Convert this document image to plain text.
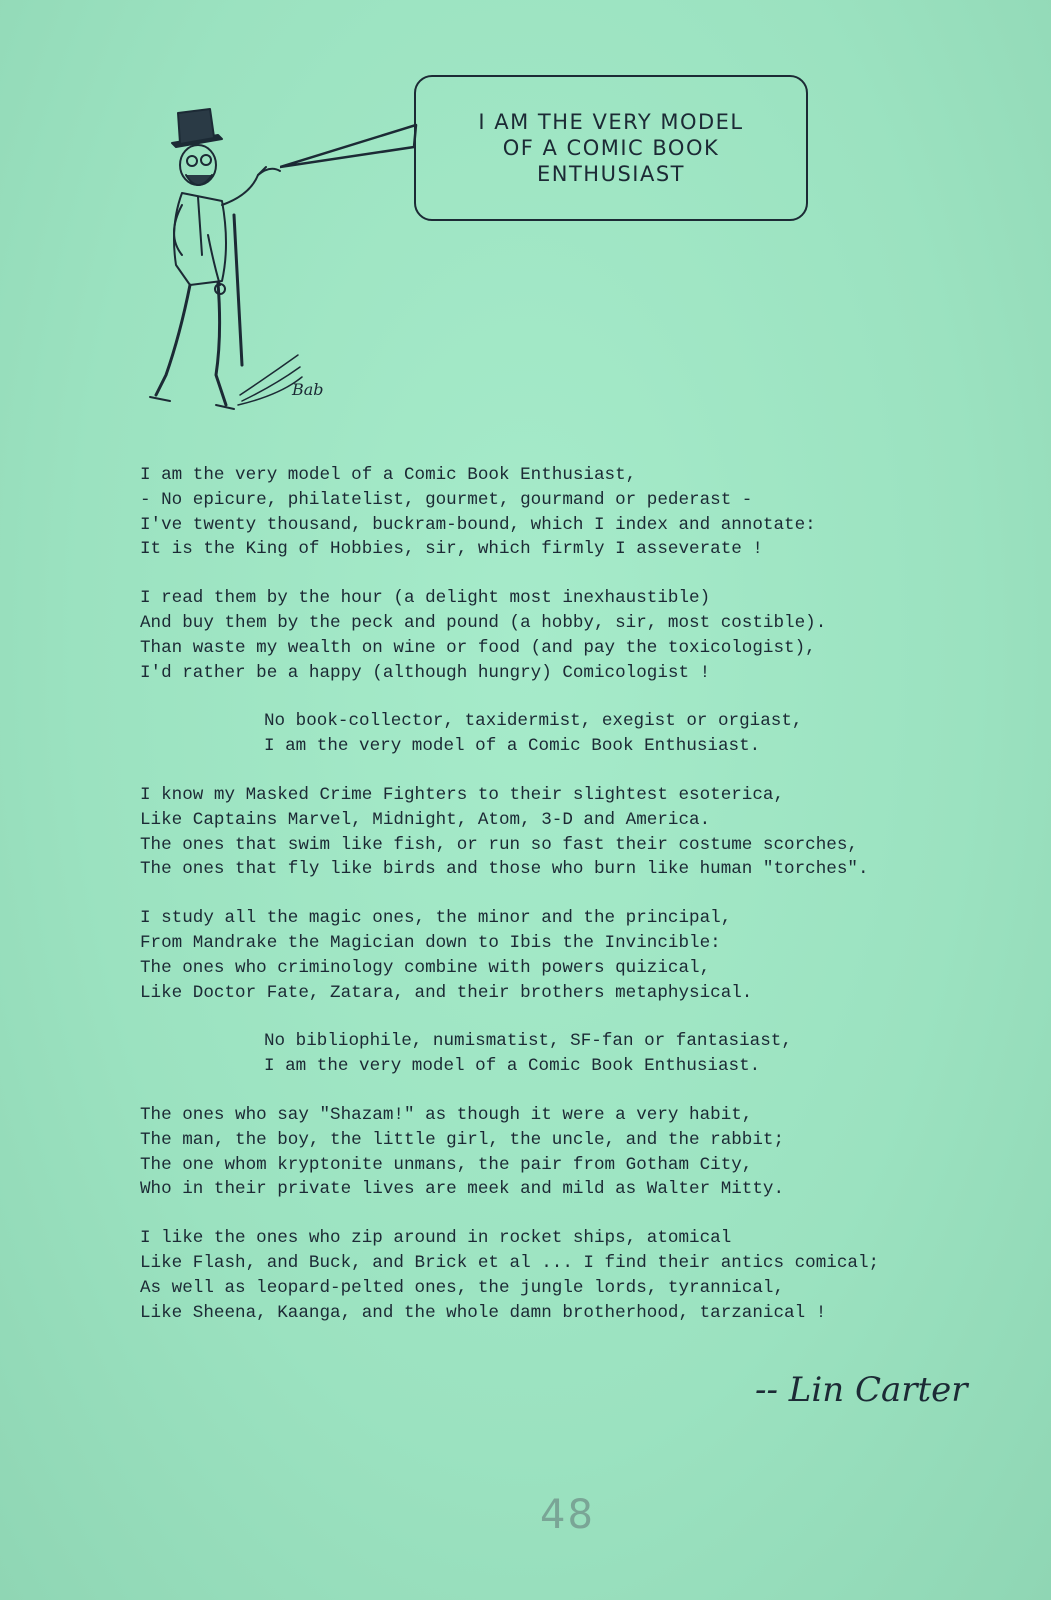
Bab
I AM THE VERY MODEL
OF A COMIC BOOK
ENTHUSIAST
I am the very model of a Comic Book Enthusiast,
- No epicure, philatelist, gourmet, gourmand or pederast -
I've twenty thousand, buckram-bound, which I index and annotate:
It is the King of Hobbies, sir, which firmly I asseverate !
I read them by the hour (a delight most inexhaustible)
And buy them by the peck and pound (a hobby, sir, most costible).
Than waste my wealth on wine or food (and pay the toxicologist),
I'd rather be a happy (although hungry) Comicologist !
No book-collector, taxidermist, exegist or orgiast,
I am the very model of a Comic Book Enthusiast.
I know my Masked Crime Fighters to their slightest esoterica,
Like Captains Marvel, Midnight, Atom, 3-D and America.
The ones that swim like fish, or run so fast their costume scorches,
The ones that fly like birds and those who burn like human "torches".
I study all the magic ones, the minor and the principal,
From Mandrake the Magician down to Ibis the Invincible:
The ones who criminology combine with powers quizical,
Like Doctor Fate, Zatara, and their brothers metaphysical.
No bibliophile, numismatist, SF-fan or fantasiast,
I am the very model of a Comic Book Enthusiast.
The ones who say "Shazam!" as though it were a very habit,
The man, the boy, the little girl, the uncle, and the rabbit;
The one whom kryptonite unmans, the pair from Gotham City,
Who in their private lives are meek and mild as Walter Mitty.
I like the ones who zip around in rocket ships, atomical
Like Flash, and Buck, and Brick et al ... I find their antics comical;
As well as leopard-pelted ones, the jungle lords, tyrannical,
Like Sheena, Kaanga, and the whole damn brotherhood, tarzanical !
-- Lin Carter
48
